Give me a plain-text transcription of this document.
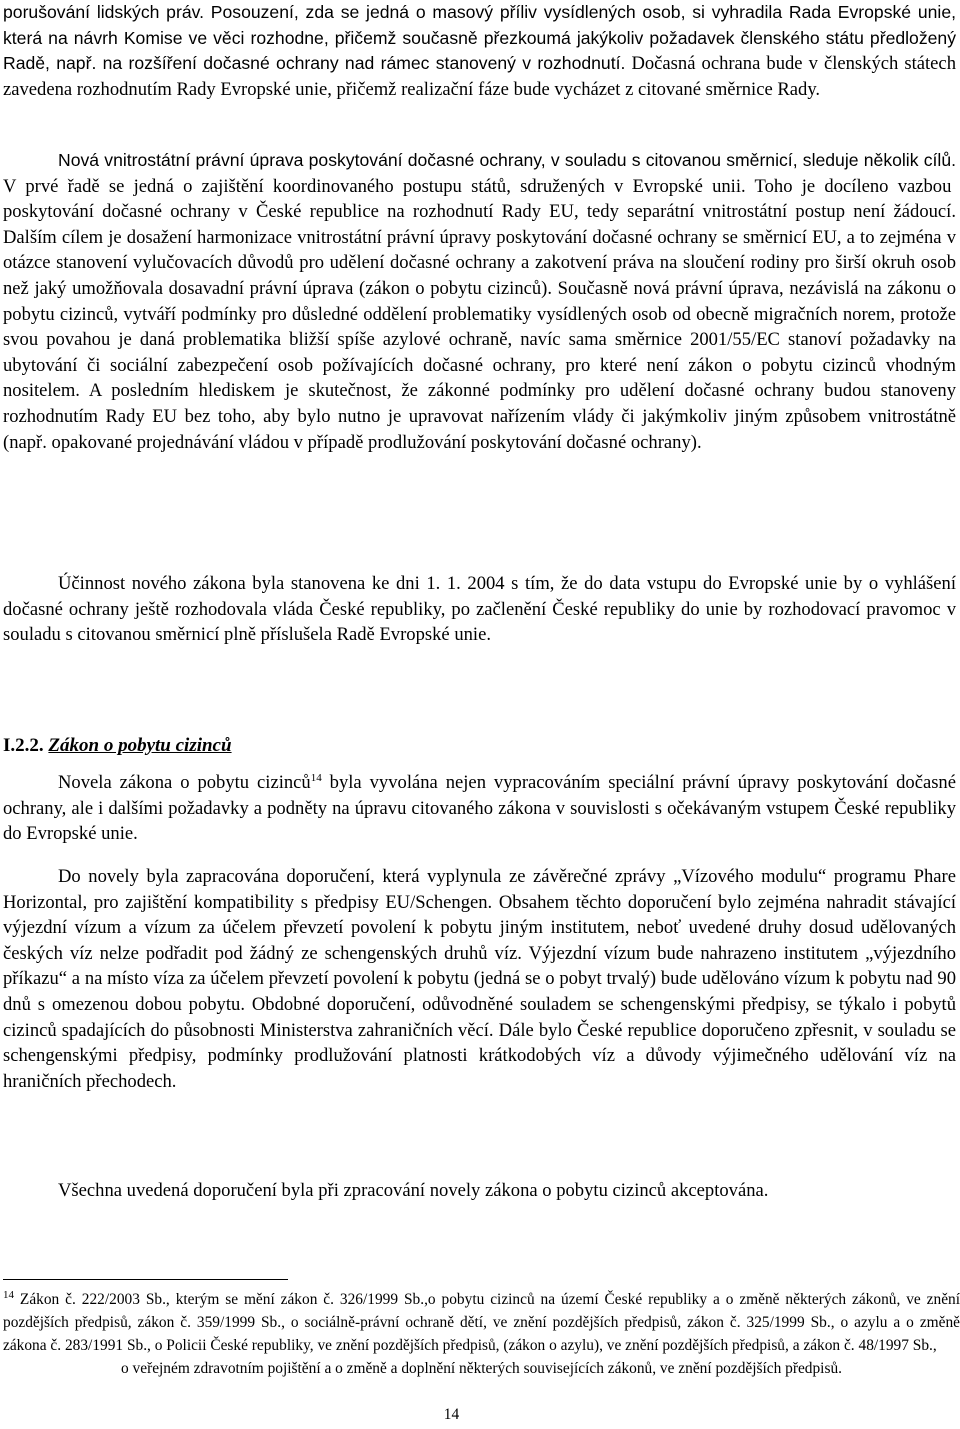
porušování lidských práv. Posouzení, zda se jedná o masový příliv vysídlených osob, si vyhradila Rada Evropské unie, která na návrh Komise ve věci rozhodne, přičemž současně přezkoumá jakýkoliv požadavek členského státu předložený Radě, např. na rozšíření dočasné ochrany nad rámec stanovený v rozhodnutí. Dočasná ochrana bude v členských státech zavedena rozhodnutím Rady Evropské unie, přičemž realizační fáze bude vycházet z citované směrnice Rady.

Nová vnitrostátní právní úprava poskytování dočasné ochrany, v souladu s citovanou směrnicí, sleduje několik cílů. V prvé řadě se jedná o zajištění koordinovaného postupu států, sdružených v Evropské unii. Toho je docíleno vazbou poskytování dočasné ochrany v České republice na rozhodnutí Rady EU, tedy separátní vnitrostátní postup není žádoucí. Dalším cílem je dosažení harmonizace vnitrostátní právní úpravy poskytování dočasné ochrany se směrnicí EU, a to zejména v otázce stanovení vylučovacích důvodů pro udělení dočasné ochrany a zakotvení práva na sloučení rodiny pro širší okruh osob než jaký umožňovala dosavadní právní úprava (zákon o pobytu cizinců). Současně nová právní úprava, nezávislá na zákonu o pobytu cizinců, vytváří podmínky pro důsledné oddělení problematiky vysídlených osob od obecně migračních norem, protože svou povahou je daná problematika bližší spíše azylové ochraně, navíc sama směrnice 2001/55/EC stanoví požadavky na ubytování či sociální zabezpečení osob požívajících dočasné ochrany, pro které není zákon o pobytu cizinců vhodným nositelem. A posledním hlediskem je skutečnost, že zákonné podmínky pro udělení dočasné ochrany budou stanoveny rozhodnutím Rady EU bez toho, aby bylo nutno je upravovat nařízením vlády či jakýmkoliv jiným způsobem vnitrostátně (např. opakované projednávání vládou v případě prodlužování poskytování dočasné ochrany).

Účinnost nového zákona byla stanovena ke dni 1. 1. 2004 s tím, že do data vstupu do Evropské unie by o vyhlášení dočasné ochrany ještě rozhodovala vláda České republiky, po začlenění České republiky do unie by rozhodovací pravomoc v souladu s citovanou směrnicí plně příslušela Radě Evropské unie.

I.2.2. Zákon o pobytu cizinců

Novela zákona o pobytu cizinců$^{14}$ byla vyvolána nejen vypracováním speciální právní úpravy poskytování dočasné ochrany, ale i dalšími požadavky a podněty na úpravu citovaného zákona v souvislosti s očekávaným vstupem České republiky do Evropské unie.

Do novely byla zapracována doporučení, která vyplynula ze závěrečné zprávy „Vízového modulu“ programu Phare Horizontal, pro zajištění kompatibility s předpisy EU/Schengen. Obsahem těchto doporučení bylo zejména nahradit stávající výjezdní vízum a vízum za účelem převzetí povolení k pobytu jiným institutem, neboť uvedené druhy dosud udělovaných českých víz nelze podřadit pod žádný ze schengenských druhů víz. Výjezdní vízum bude nahrazeno institutem „výjezdního příkazu“ a na místo víza za účelem převzetí povolení k pobytu (jedná se o pobyt trvalý) bude udělováno vízum k pobytu nad 90 dnů s omezenou dobou pobytu. Obdobné doporučení, odůvodněné souladem se schengenskými předpisy, se týkalo i pobytů cizinců spadajících do působnosti Ministerstva zahraničních věcí. Dále bylo České republice doporučeno zpřesnit, v souladu se schengenskými předpisy, podmínky prodlužování platnosti krátkodobých víz a důvody výjimečného udělování víz na hraničních přechodech.

Všechna uvedená doporučení byla při zpracování novely zákona o pobytu cizinců akceptována.

$^{14}$ Zákon č. 222/2003 Sb., kterým se mění zákon č. 326/1999 Sb.,o pobytu cizinců na území České republiky a o změně některých zákonů, ve znění pozdějších předpisů, zákon č. 359/1999 Sb., o sociálně-právní ochraně dětí, ve znění pozdějších předpisů, zákon č. 325/1999 Sb., o azylu a o změně zákona č. 283/1991 Sb., o Policii České republiky, ve znění pozdějších předpisů, (zákon o azylu), ve znění pozdějších předpisů, a zákon č. 48/1997 Sb.,
o veřejném zdravotním pojištění a o změně a doplnění některých souvisejících zákonů, ve znění pozdějších předpisů.

14
